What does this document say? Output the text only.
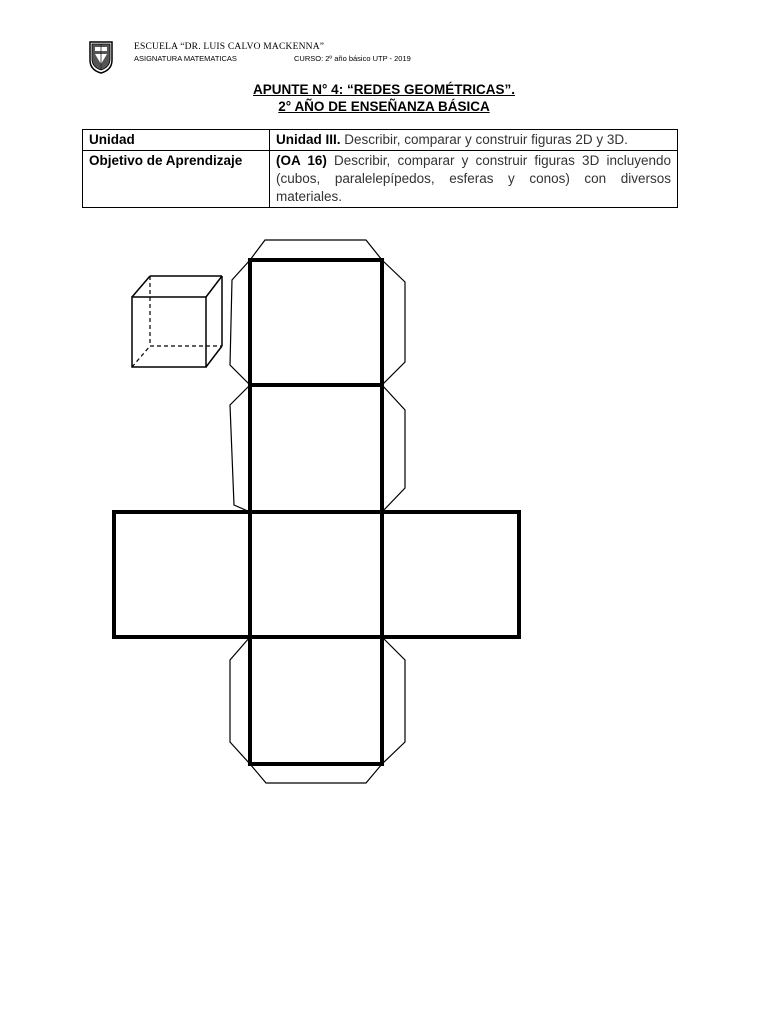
ESCUELA “DR. LUIS CALVO MACKENNA”
ASIGNATURA MATEMATICAS	CURSO: 2º año básico UTP - 2019
APUNTE N° 4: “REDES GEOMÉTRICAS”.
2° AÑO DE ENSEÑANZA BÁSICA
Unidad	Unidad III. Describir, comparar y construir figuras 2D y 3D.
Objetivo de Aprendizaje	(OA 16) Describir, comparar y construir figuras 3D incluyendo (cubos, paralelepípedos, esferas y conos) con diversos materiales.
